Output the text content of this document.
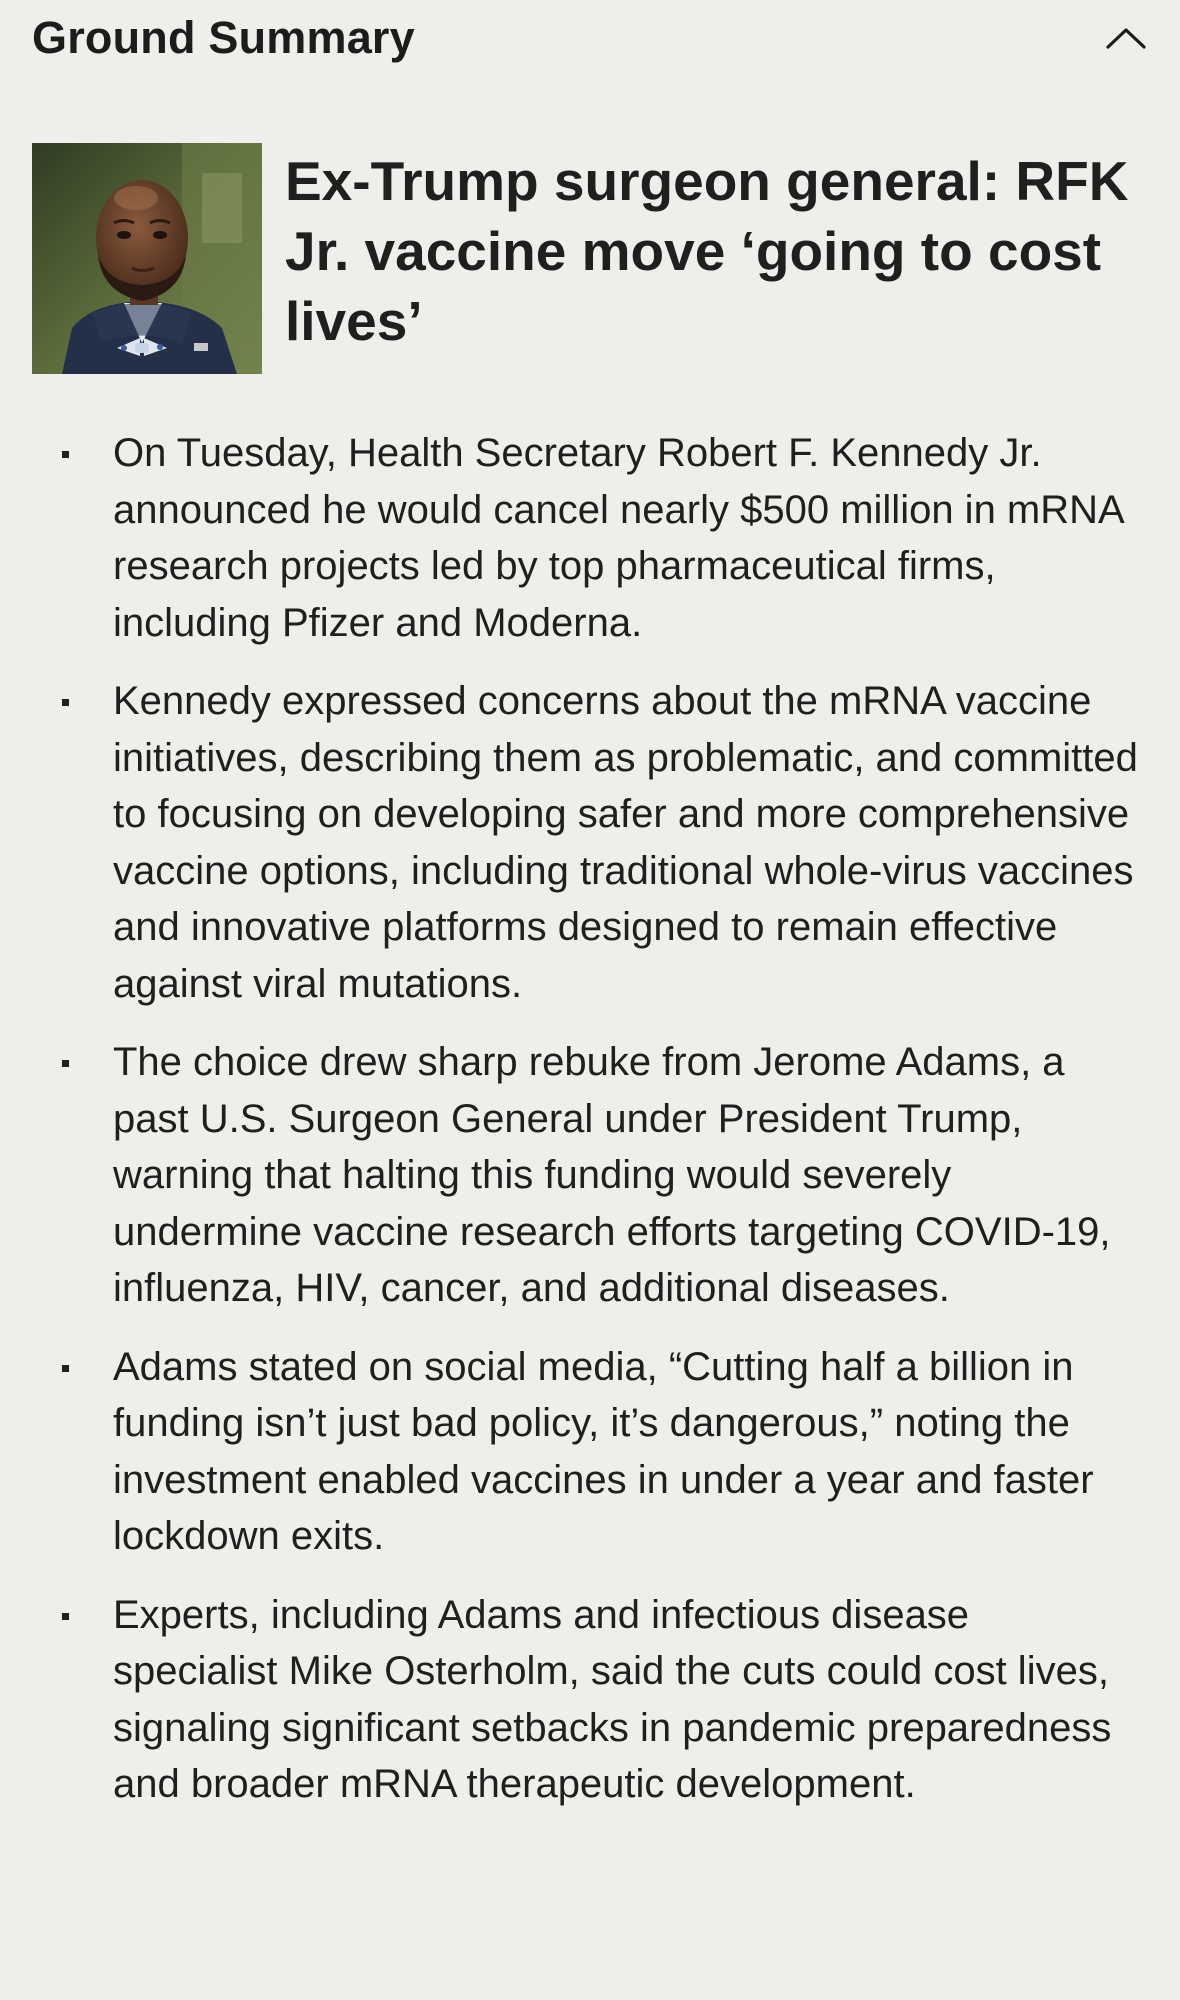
Ground Summary
Ex-Trump surgeon general: RFK Jr. vaccine move ‘going to cost lives’
On Tuesday, Health Secretary Robert F. Kennedy Jr. announced he would cancel nearly $500 million in mRNA research projects led by top pharmaceutical firms, including Pfizer and Moderna.
Kennedy expressed concerns about the mRNA vaccine initiatives, describing them as problematic, and committed to focusing on developing safer and more comprehensive vaccine options, including traditional whole-virus vaccines and innovative platforms designed to remain effective against viral mutations.
The choice drew sharp rebuke from Jerome Adams, a past U.S. Surgeon General under President Trump, warning that halting this funding would severely undermine vaccine research efforts targeting COVID-19, influenza, HIV, cancer, and additional diseases.
Adams stated on social media, “Cutting half a billion in funding isn’t just bad policy, it’s dangerous,” noting the investment enabled vaccines in under a year and faster lockdown exits.
Experts, including Adams and infectious disease specialist Mike Osterholm, said the cuts could cost lives, signaling significant setbacks in pandemic preparedness and broader mRNA therapeutic development.
